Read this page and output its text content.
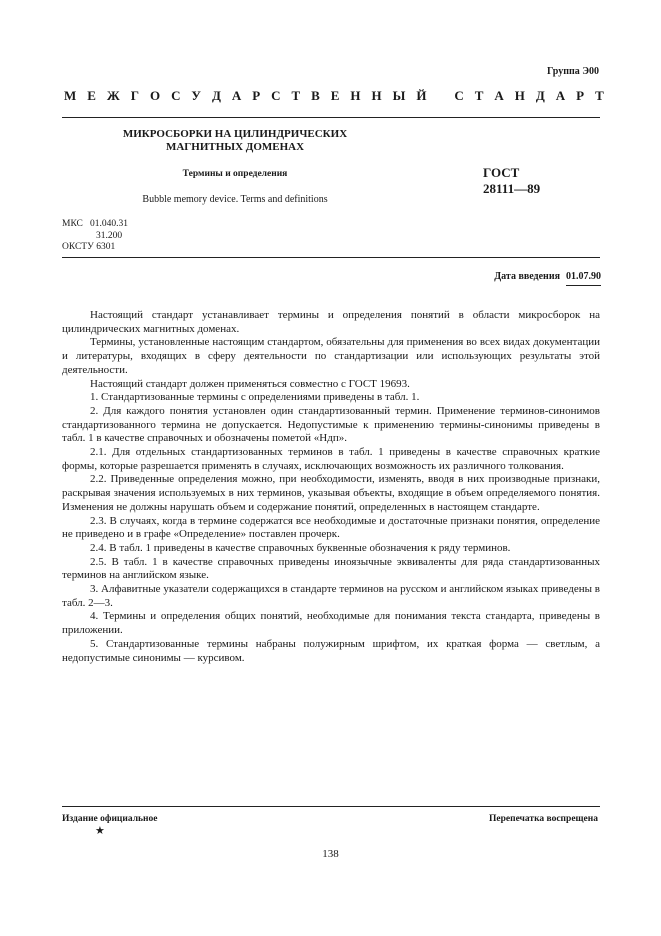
Группа Э00
М Е Ж Г О С У Д А Р С Т В Е Н Н Ы Й С Т А Н Д А Р Т
МИКРОСБОРКИ НА ЦИЛИНДРИЧЕСКИХ
МАГНИТНЫХ ДОМЕНАХ
Термины и определения
Bubble memory device. Terms and definitions
ГОСТ
28111—89
МКС 01.040.31
31.200
ОКСТУ 6301
Дата введения 01.07.90

Настоящий стандарт устанавливает термины и определения понятий в области микросборок на цилиндрических магнитных доменах.

Термины, установленные настоящим стандартом, обязательны для применения во всех видах документации и литературы, входящих в сферу деятельности по стандартизации или использующих результаты этой деятельности.

Настоящий стандарт должен применяться совместно с ГОСТ 19693.

1. Стандартизованные термины с определениями приведены в табл. 1.

2. Для каждого понятия установлен один стандартизованный термин. Применение терминов-синонимов стандартизованного термина не допускается. Недопустимые к применению термины-синонимы приведены в табл. 1 в качестве справочных и обозначены пометой «Ндп».

2.1. Для отдельных стандартизованных терминов в табл. 1 приведены в качестве справочных краткие формы, которые разрешается применять в случаях, исключающих возможность их различного толкования.

2.2. Приведенные определения можно, при необходимости, изменять, вводя в них производные признаки, раскрывая значения используемых в них терминов, указывая объекты, входящие в объем определяемого понятия. Изменения не должны нарушать объем и содержание понятий, определенных в настоящем стандарте.

2.3. В случаях, когда в термине содержатся все необходимые и достаточные признаки понятия, определение не приведено и в графе «Определение» поставлен прочерк.

2.4. В табл. 1 приведены в качестве справочных буквенные обозначения к ряду терминов.

2.5. В табл. 1 в качестве справочных приведены иноязычные эквиваленты для ряда стандартизованных терминов на английском языке.

3. Алфавитные указатели содержащихся в стандарте терминов на русском и английском языках приведены в табл. 2—3.

4. Термины и определения общих понятий, необходимые для понимания текста стандарта, приведены в приложении.

5. Стандартизованные термины набраны полужирным шрифтом, их краткая форма — светлым, а недопустимые синонимы — курсивом.

Издание официальное
★
Перепечатка воспрещена
138
